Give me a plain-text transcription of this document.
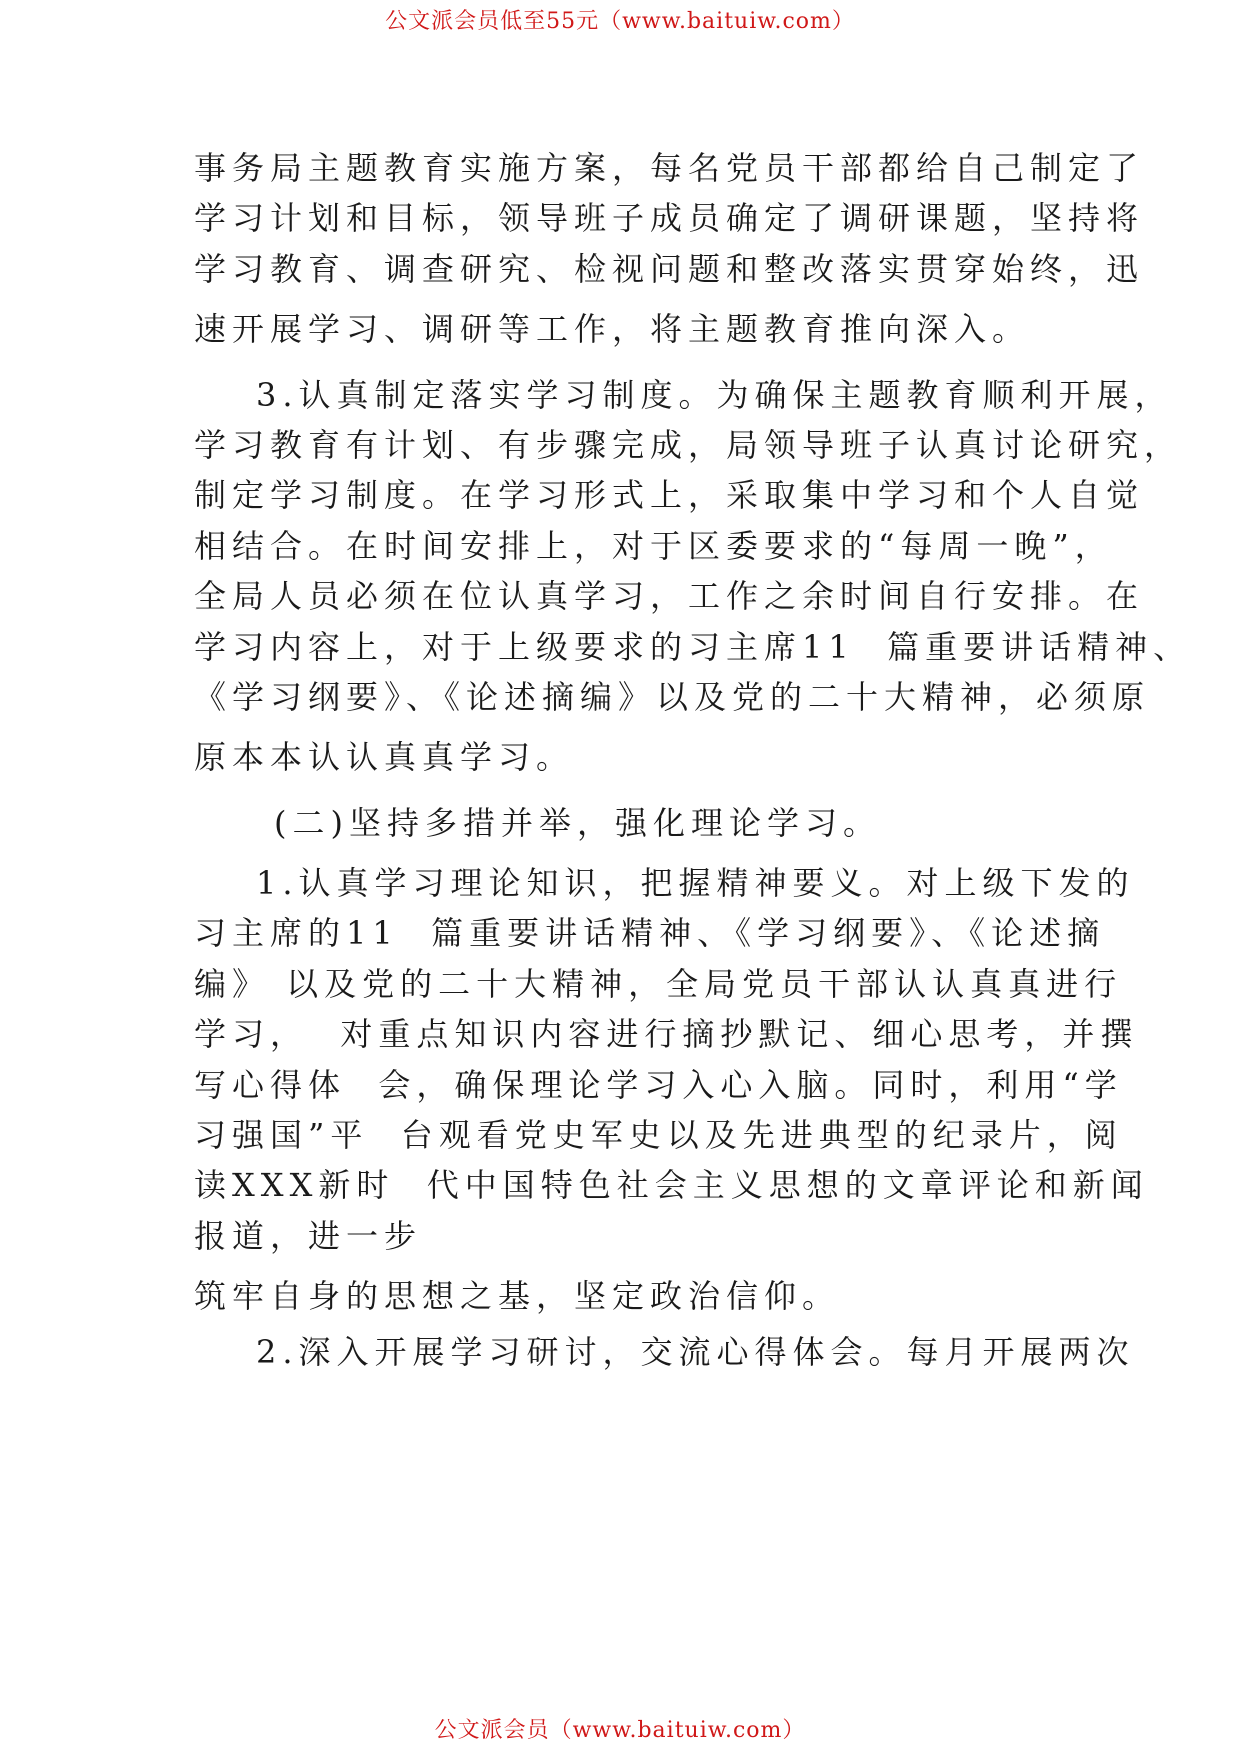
公文派会员低至55元（www.baituiw.com）
事务局主题教育实施方案，每名党员干部都给自己制定了
学习计划和目标，领导班子成员确定了调研课题，坚持将
学习教育、调查研究、检视问题和整改落实贯穿始终，迅
速开展学习、调研等工作，将主题教育推向深入。
3.认真制定落实学习制度。为确保主题教育顺利开展，
学习教育有计划、有步骤完成，局领导班子认真讨论研究，
制定学习制度。在学习形式上，采取集中学习和个人自觉
相结合。在时间安排上，对于区委要求的“每周一晚”，
全局人员必须在位认真学习，工作之余时间自行安排。在
学习内容上，对于上级要求的习主席11  篇重要讲话精神、
《学习纲要》、《论述摘编》以及党的二十大精神，必须原
原本本认认真真学习。
(二)坚持多措并举，强化理论学习。
1.认真学习理论知识，把握精神要义。对上级下发的
习主席的11  篇重要讲话精神、《学习纲要》、《论述摘
编》 以及党的二十大精神，全局党员干部认认真真进行
学习，  对重点知识内容进行摘抄默记、细心思考，并撰
写心得体  会，确保理论学习入心入脑。同时，利用“学
习强国”平  台观看党史军史以及先进典型的纪录片，阅
读XXX新时  代中国特色社会主义思想的文章评论和新闻
报道，进一步
筑牢自身的思想之基，坚定政治信仰。
2.深入开展学习研讨，交流心得体会。每月开展两次
公文派会员（www.baituiw.com）
